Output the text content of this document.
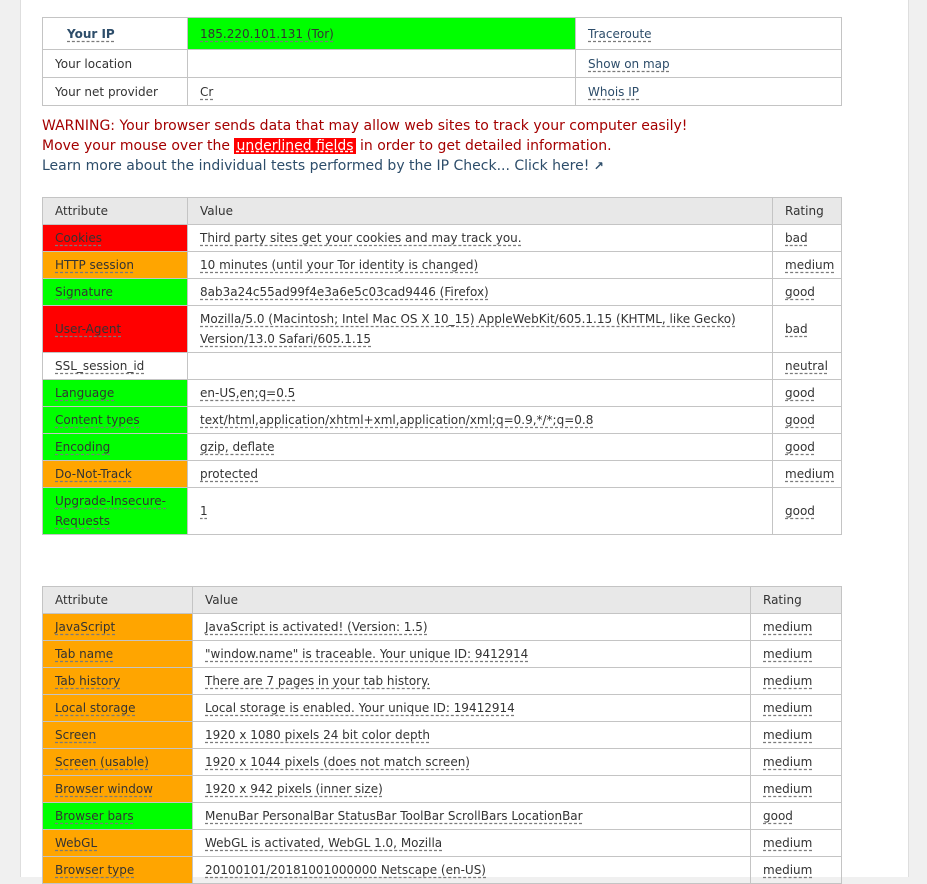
Your IP	185.220.101.131 (Tor)	Traceroute
Your location		Show on map
Your net provider	Cr	Whois IP
WARNING: Your browser sends data that may allow web sites to track your computer easily!
Move your mouse over the underlined fields in order to get detailed information.
Learn more about the individual tests performed by the IP Check... Click here! ↗
Attribute	Value	Rating
Cookies	Third party sites get your cookies and may track you.	bad
HTTP session	10 minutes (until your Tor identity is changed)	medium
Signature	8ab3a24c55ad99f4e3a6e5c03cad9446 (Firefox)	good
User-Agent	Mozilla/5.0 (Macintosh; Intel Mac OS X 10_15) AppleWebKit/605.1.15 (KHTML, like Gecko) Version/13.0 Safari/605.1.15	bad
SSL_session_id		neutral
Language	en-US,en;q=0.5	good
Content types	text/html,application/xhtml+xml,application/xml;q=0.9,*/*;q=0.8	good
Encoding	gzip, deflate	good
Do-Not-Track	protected	medium
Upgrade-Insecure-Requests	1	good
Attribute	Value	Rating
JavaScript	JavaScript is activated! (Version: 1.5)	medium
Tab name	"window.name" is traceable. Your unique ID: 9412914	medium
Tab history	There are 7 pages in your tab history.	medium
Local storage	Local storage is enabled. Your unique ID: 19412914	medium
Screen	1920 x 1080 pixels 24 bit color depth	medium
Screen (usable)	1920 x 1044 pixels (does not match screen)	medium
Browser window	1920 x 942 pixels (inner size)	medium
Browser bars	MenuBar PersonalBar StatusBar ToolBar ScrollBars LocationBar	good
WebGL	WebGL is activated, WebGL 1.0, Mozilla	medium
Browser type	20100101/20181001000000 Netscape (en-US)	medium
